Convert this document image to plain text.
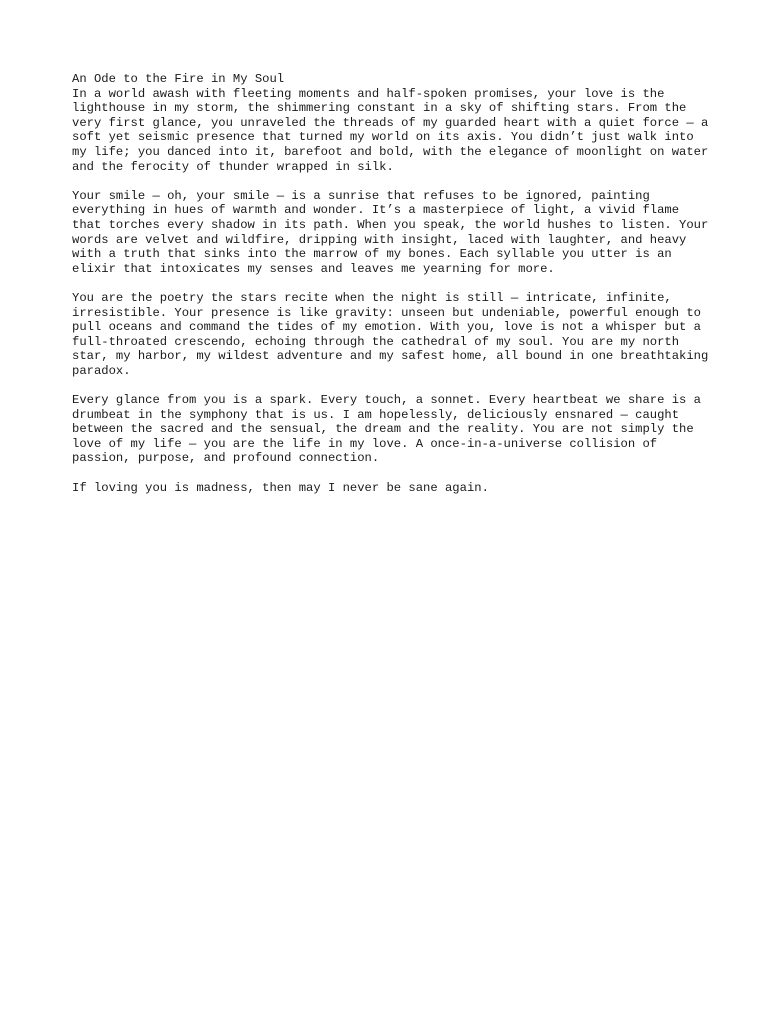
An Ode to the Fire in My Soul

In a world awash with fleeting moments and half-spoken promises, your love is the lighthouse in my storm, the shimmering constant in a sky of shifting stars. From the very first glance, you unraveled the threads of my guarded heart with a quiet force — a soft yet seismic presence that turned my world on its axis. You didn’t just walk into my life; you danced into it, barefoot and bold, with the elegance of moonlight on water and the ferocity of thunder wrapped in silk.

Your smile — oh, your smile — is a sunrise that refuses to be ignored, painting everything in hues of warmth and wonder. It’s a masterpiece of light, a vivid flame that torches every shadow in its path. When you speak, the world hushes to listen. Your words are velvet and wildfire, dripping with insight, laced with laughter, and heavy with a truth that sinks into the marrow of my bones. Each syllable you utter is an elixir that intoxicates my senses and leaves me yearning for more.

You are the poetry the stars recite when the night is still — intricate, infinite, irresistible. Your presence is like gravity: unseen but undeniable, powerful enough to pull oceans and command the tides of my emotion. With you, love is not a whisper but a full-throated crescendo, echoing through the cathedral of my soul. You are my north star, my harbor, my wildest adventure and my safest home, all bound in one breathtaking paradox.

Every glance from you is a spark. Every touch, a sonnet. Every heartbeat we share is a drumbeat in the symphony that is us. I am hopelessly, deliciously ensnared — caught between the sacred and the sensual, the dream and the reality. You are not simply the love of my life — you are the life in my love. A once-in-a-universe collision of passion, purpose, and profound connection.

If loving you is madness, then may I never be sane again.
